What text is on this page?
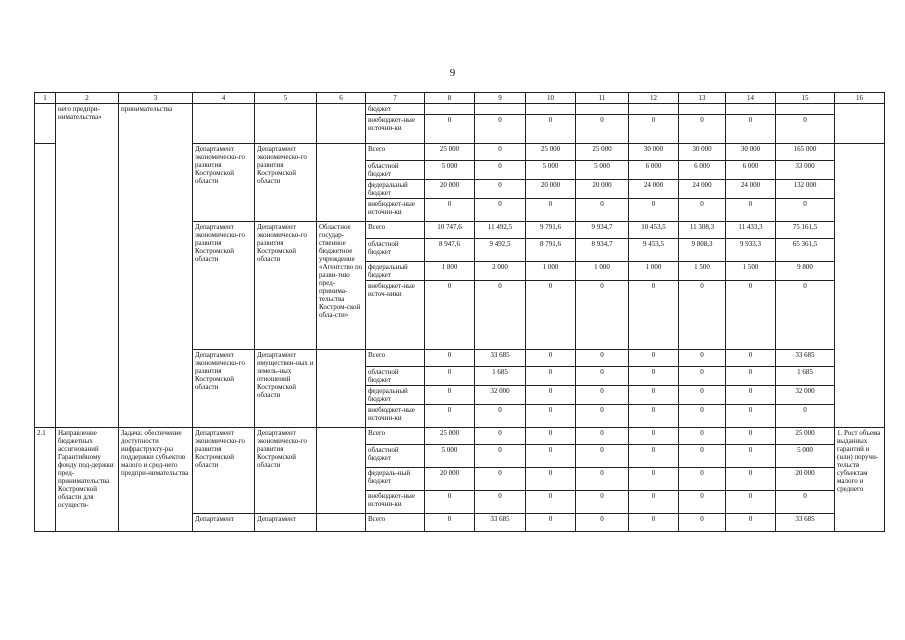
9
1	2	3	4	5	6	7	8	9	10	11	12	13	14	15	16
	него предпри-нимательства»	принимательства				бюджет									
						внебюджет-ные источни-ки	0	0	0	0	0	0	0	0	
			Департамент экономическо-го развития Костромской области	Департамент экономическо-го развития Костромской области		Всего	25 000	0	25 000	25 000	30 000	30 000	30 000	165 000	
						областной бюджет	5 000	0	5 000	5 000	6 000	6 000	6 000	33 000	
						федеральный бюджет	20 000	0	20 000	20 000	24 000	24 000	24 000	132 000	
						внебюджет-ные источни-ки	0	0	0	0	0	0	0	0	
			Департамент экономическо-го развития Костромской области	Департамент экономическо-го развития Костромской области	Областное государ-ственное бюджетное учреждение «Агентство по разви-тию пред-принима-тельства Костром-ской обла-сти»	Всего	10 747,6	11 492,5	9 791,6	9 934,7	10 453,5	11 308,3	11 433,3	75 161,5	
						областной бюджет	8 947,6	9 492,5	8 791,6	8 934,7	9 453,5	9 808,3	9 933,3	65 361,5	
						федеральный бюджет	1 800	2 000	1 000	1 000	1 000	1 500	1 500	9 800	
						внебюджет-ные источ-ники	0	0	0	0	0	0	0	0	
			Департамент экономическо-го развития Костромской области	Департамент имуществен-ных и земель-ных отношений Костромской области		Всего	0	33 685	0	0	0	0	0	33 685	
						областной бюджет	0	1 685	0	0	0	0	0	1 685	
						федеральный бюджет	0	32 000	0	0	0	0	0	32 000	
						внебюджет-ные источни-ки	0	0	0	0	0	0	0	0	
2.1	Направление бюджетных ассигнований Гарантийному фонду под-держки пред-принимательства Костромской области для осуществ-	Задача: обеспечение доступности инфраструкту-ры поддержки субъектов малого и сред-него предпри-нимательства	Департамент экономическо-го развития Костромской области	Департамент экономическо-го развития Костромской области		Всего	25 000	0	0	0	0	0	0	25 000	1. Рост объема выданных гарантий и (или) поручи-тельств субъектам малого и среднего
						областной бюджет	5 000	0	0	0	0	0	0	5 000	
						федераль-ный бюджет	20 000	0	0	0	0	0	0	20 000	
						внебюджет-ные источни-ки	0	0	0	0	0	0	0	0	
			Департамент	Департамент		Всего	0	33 685	0	0	0	0	0	33 685	
